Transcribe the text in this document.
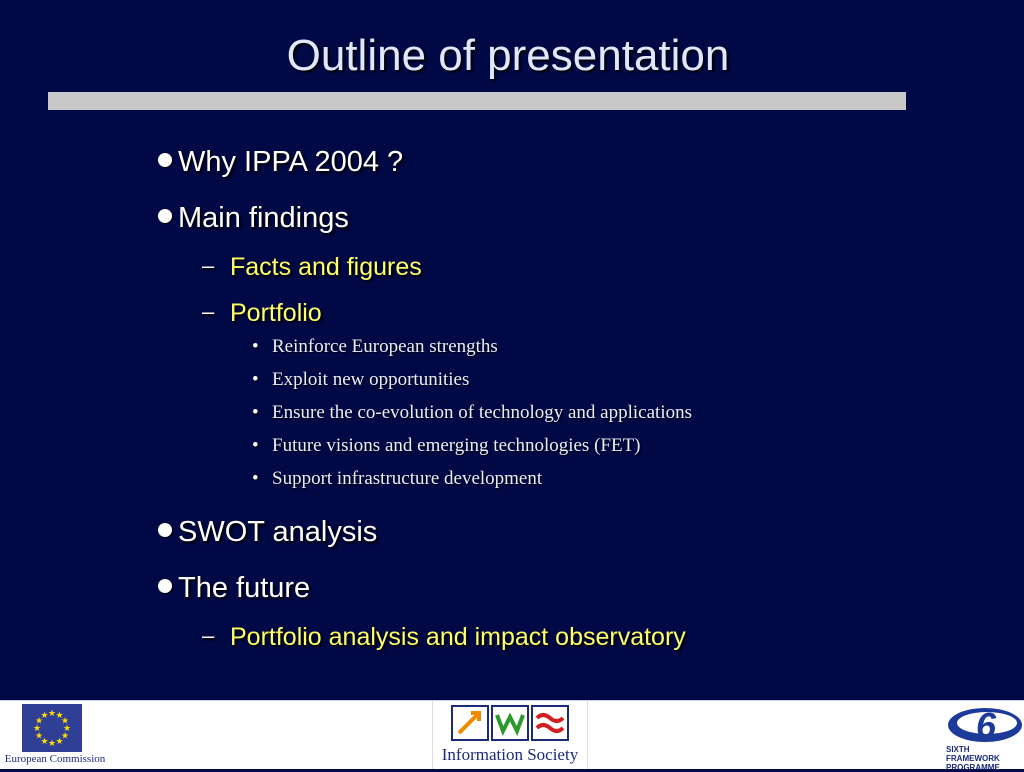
Outline of presentation
Why IPPA 2004 ?
Main findings
– Facts and figures
– Portfolio
• Reinforce European strengths
• Exploit new opportunities
• Ensure the co-evolution of technology and applications
• Future visions and emerging technologies (FET)
• Support infrastructure development
SWOT analysis
The future
– Portfolio analysis and impact observatory
★
★
★
★
★
★
★
★
★ ★ ★
★
European Commission	Information Society
6
SIXTH FRAMEWORK PROGRAMME
